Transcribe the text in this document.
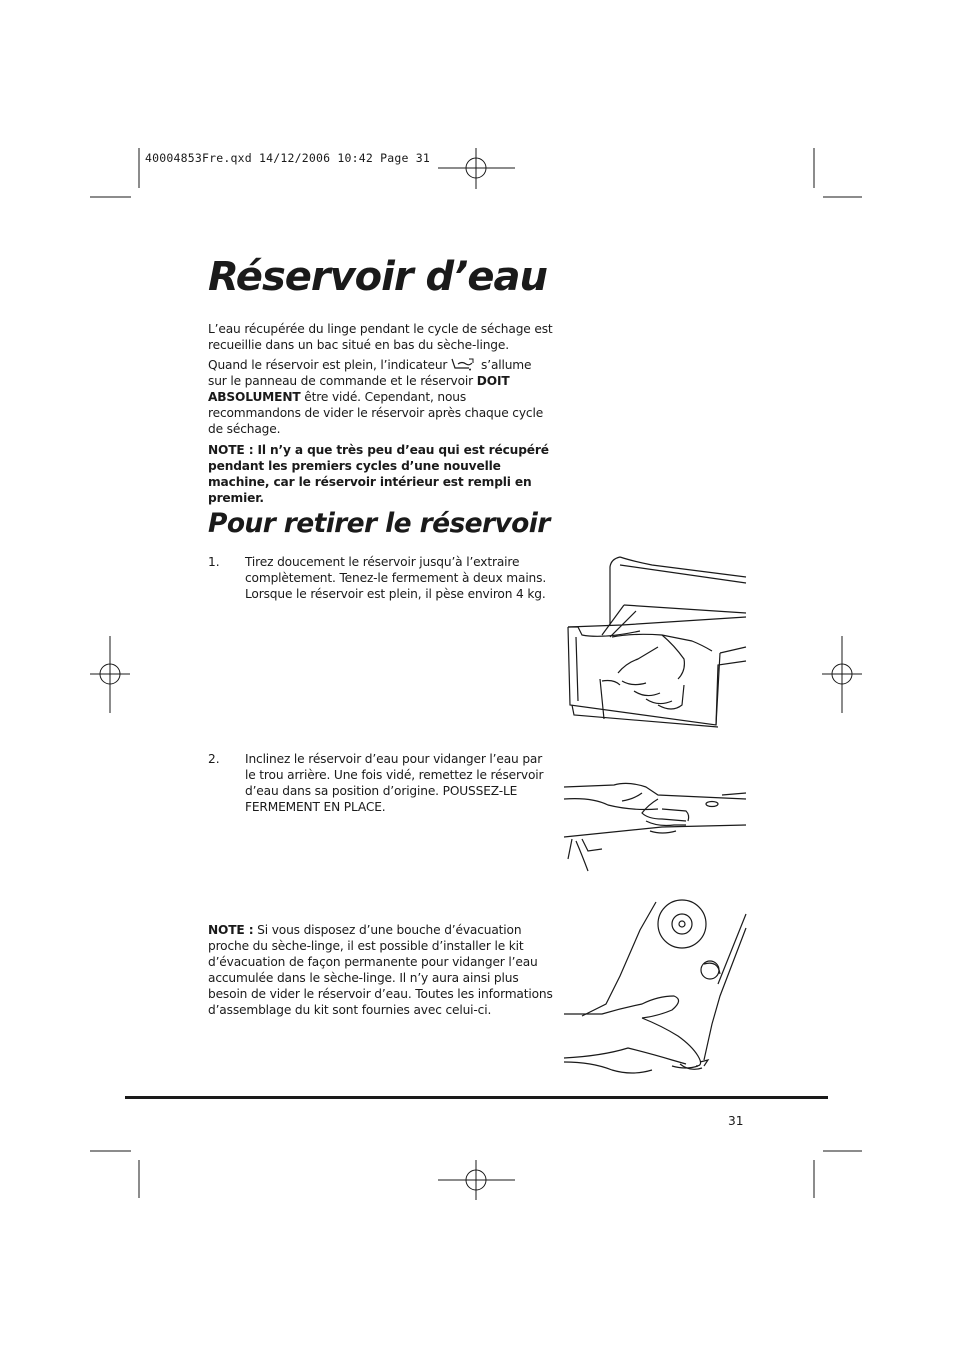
40004853Fre.qxd 14/12/2006 10:42 Page 31
Réservoir d’eau
L’eau récupérée du linge pendant le cycle de séchage est recueillie dans un bac situé en bas du sèche-linge.
Quand le réservoir est plein, l’indicateur	s’allume sur le panneau de commande et le réservoir DOIT ABSOLUMENT être vidé. Cependant, nous recommandons de vider le réservoir après chaque cycle de séchage.
NOTE : Il n’y a que très peu d’eau qui est récupéré pendant les premiers cycles d’une nouvelle machine, car le réservoir intérieur est rempli en premier.
Pour retirer le réservoir
1. Tirez doucement le réservoir jusqu’à l’extraire complètement. Tenez-le fermement à deux mains. Lorsque le réservoir est plein, il pèse environ 4 kg.
2. Inclinez le réservoir d’eau pour vidanger l’eau par le trou arrière. Une fois vidé, remettez le réservoir d’eau dans sa position d’origine. POUSSEZ-LE FERMEMENT EN PLACE.
NOTE : Si vous disposez d’une bouche d’évacuation proche du sèche-linge, il est possible d’installer le kit d’évacuation de façon permanente pour vidanger l’eau accumulée dans le sèche-linge. Il n’y aura ainsi plus besoin de vider le réservoir d’eau. Toutes les informations d’assemblage du kit sont fournies avec celui-ci.
31
